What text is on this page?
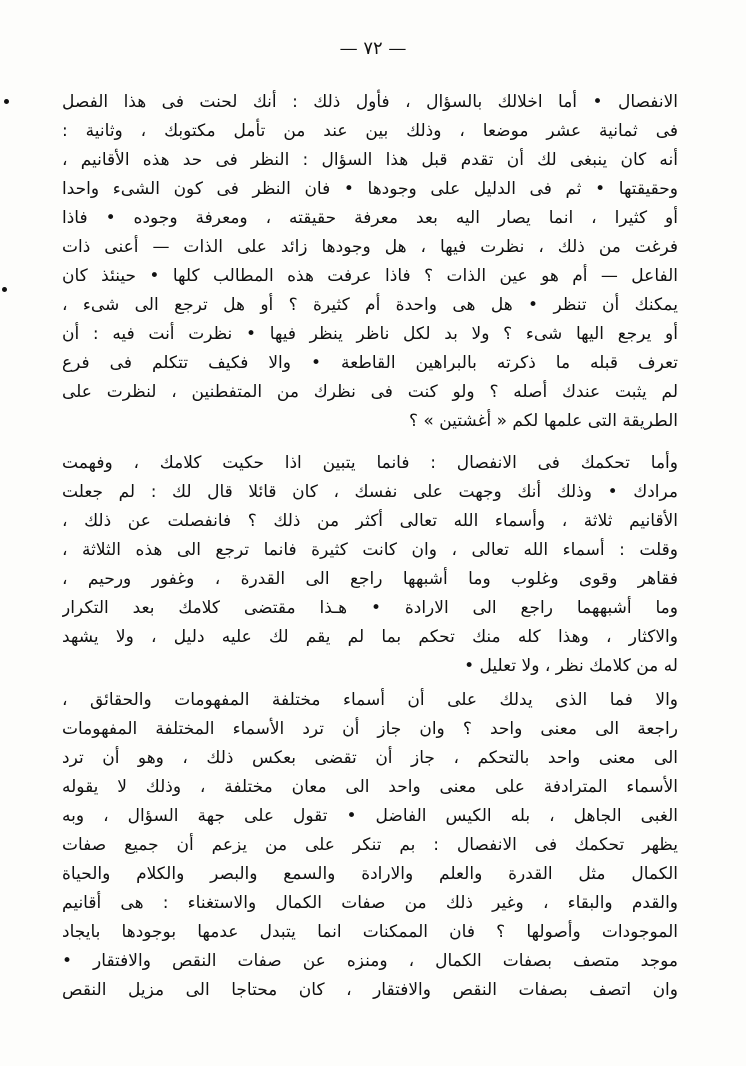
— ٧٢ —
الانفصال • أما اخلالك بالسؤال ، فأول ذلك : أنك لحنت فى هذا الفصل
فى ثمانية عشر موضعا ، وذلك بين عند من تأمل مكتوبك ، وثانية :
أنه كان ينبغى لك أن تقدم قبل هذا السؤال : النظر فى حد هذه الأقانيم ،
وحقيقتها • ثم فى الدليل على وجودها • فان النظر فى كون الشىء واحدا
أو كثيرا ، انما يصار اليه بعد معرفة حقيقته ، ومعرفة وجوده • فاذا
فرغت من ذلك ، نظرت فيها ، هل وجودها زائد على الذات — أعنى ذات
الفاعل — أم هو عين الذات ؟ فاذا عرفت هذه المطالب كلها • حينئذ كان
يمكنك أن تنظر • هل هى واحدة أم كثيرة ؟ أو هل ترجع الى شىء ،
أو يرجع اليها شىء ؟ ولا بد لكل ناظر ينظر فيها • نظرت أنت فيه : أن
تعرف قبله ما ذكرته بالبراهين القاطعة • والا فكيف تتكلم فى فرع
لم يثبت عندك أصله ؟ ولو كنت فى نظرك من المتفطنين ، لنظرت على
الطريقة التى علمها لكم « أغشتين » ؟
وأما تحكمك فى الانفصال : فانما يتبين اذا حكيت كلامك ، وفهمت
مرادك • وذلك أنك وجهت على نفسك ، كان قائلا قال لك : لم جعلت
الأقانيم ثلاثة ، وأسماء الله تعالى أكثر من ذلك ؟ فانفصلت عن ذلك ،
وقلت : أسماء الله تعالى ، وان كانت كثيرة فانما ترجع الى هذه الثلاثة ،
فقاهر وقوى وغلوب وما أشبهها راجع الى القدرة ، وغفور ورحيم ،
وما أشبههما راجع الى الارادة • هـذا مقتضى كلامك بعد التكرار
والاكثار ، وهذا كله منك تحكم بما لم يقم لك عليه دليل ، ولا يشهد
له من كلامك نظر ، ولا تعليل •
والا فما الذى يدلك على أن أسماء مختلفة المفهومات والحقائق ،
راجعة الى معنى واحد ؟ وان جاز أن ترد الأسماء المختلفة المفهومات
الى معنى واحد بالتحكم ، جاز أن تقضى بعكس ذلك ، وهو أن ترد
الأسماء المترادفة على معنى واحد الى معان مختلفة ، وذلك لا يقوله
الغبى الجاهل ، بله الكيس الفاضل • تقول على جهة السؤال ، وبه
يظهر تحكمك فى الانفصال : بم تنكر على من يزعم أن جميع صفات
الكمال مثل القدرة والعلم والارادة والسمع والبصر والكلام والحياة
والقدم والبقاء ، وغير ذلك من صفات الكمال والاستغناء : هى أقانيم
الموجودات وأصولها ؟ فان الممكنات انما يتبدل عدمها بوجودها بايجاد
موجد متصف بصفات الكمال ، ومنزه عن صفات النقص والافتقار •
وان اتصف بصفات النقص والافتقار ، كان محتاجا الى مزيل النقص
